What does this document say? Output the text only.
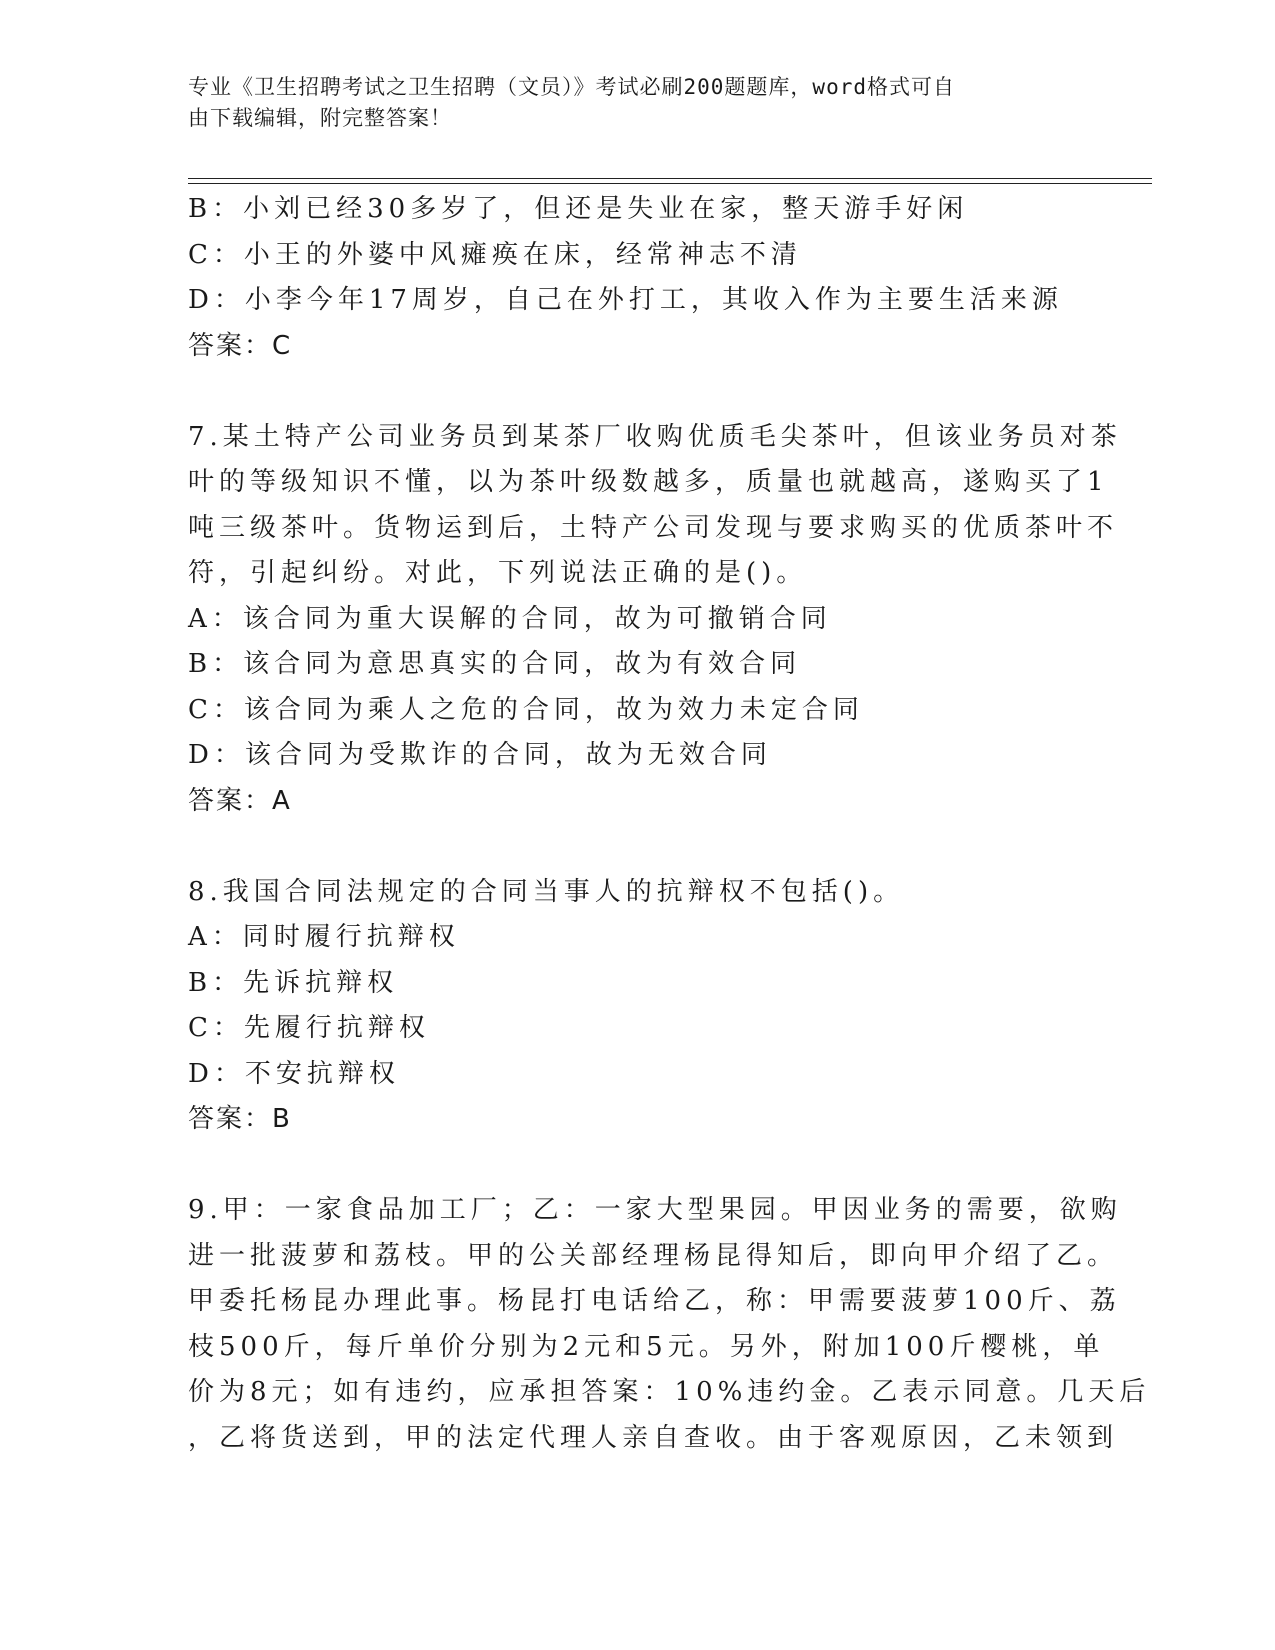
专业《卫生招聘考试之卫生招聘（文员）》考试必刷200题题库，word格式可自
由下载编辑，附完整答案！
B：小刘已经30多岁了，但还是失业在家，整天游手好闲
C：小王的外婆中风瘫痪在床，经常神志不清
D：小李今年17周岁，自己在外打工，其收入作为主要生活来源
答案：C
7.某土特产公司业务员到某茶厂收购优质毛尖茶叶，但该业务员对茶
叶的等级知识不懂，以为茶叶级数越多，质量也就越高，遂购买了1
吨三级茶叶。货物运到后，土特产公司发现与要求购买的优质茶叶不
符，引起纠纷。对此，下列说法正确的是()。
A：该合同为重大误解的合同，故为可撤销合同
B：该合同为意思真实的合同，故为有效合同
C：该合同为乘人之危的合同，故为效力未定合同
D：该合同为受欺诈的合同，故为无效合同
答案：A
8.我国合同法规定的合同当事人的抗辩权不包括()。
A：同时履行抗辩权
B：先诉抗辩权
C：先履行抗辩权
D：不安抗辩权
答案：B
9.甲：一家食品加工厂；乙：一家大型果园。甲因业务的需要，欲购
进一批菠萝和荔枝。甲的公关部经理杨昆得知后，即向甲介绍了乙。
甲委托杨昆办理此事。杨昆打电话给乙，称：甲需要菠萝100斤、荔
枝500斤，每斤单价分别为2元和5元。另外，附加100斤樱桃，单
价为8元；如有违约，应承担答案：10%违约金。乙表示同意。几天后
，乙将货送到，甲的法定代理人亲自查收。由于客观原因，乙未领到
